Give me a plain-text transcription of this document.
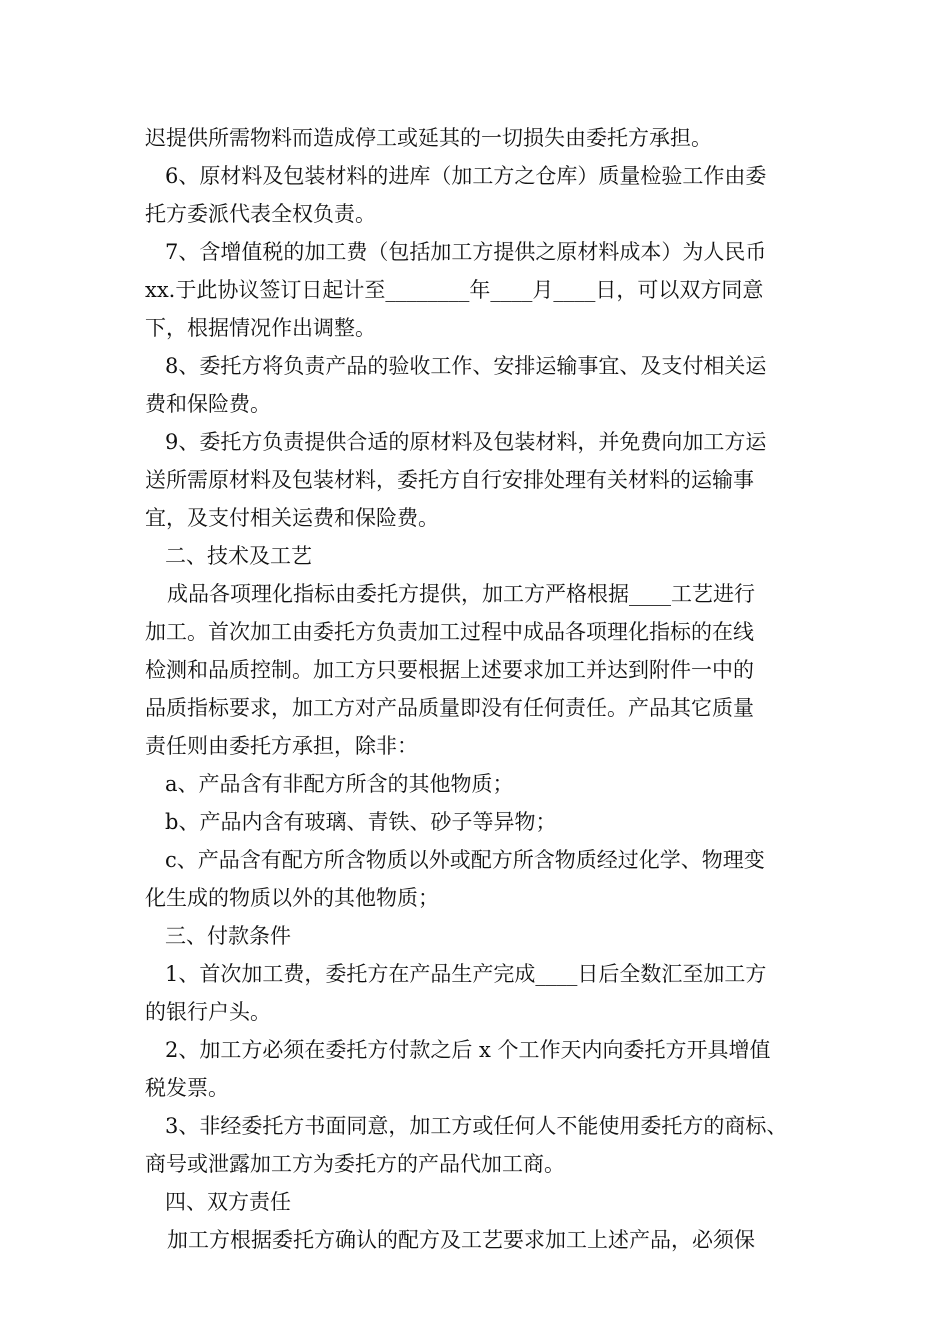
迟提供所需物料而造成停工或延其的一切损失由委托方承担。
6、原材料及包装材料的进库（加工方之仓库）质量检验工作由委
托方委派代表全权负责。
7、含增值税的加工费（包括加工方提供之原材料成本）为人民币
xx.于此协议签订日起计至________年____月____日，可以双方同意
下，根据情况作出调整。
8、委托方将负责产品的验收工作、安排运输事宜、及支付相关运
费和保险费。
9、委托方负责提供合适的原材料及包装材料，并免费向加工方运
送所需原材料及包装材料，委托方自行安排处理有关材料的运输事
宜，及支付相关运费和保险费。
二、技术及工艺
成品各项理化指标由委托方提供，加工方严格根据____工艺进行
加工。首次加工由委托方负责加工过程中成品各项理化指标的在线
检测和品质控制。加工方只要根据上述要求加工并达到附件一中的
品质指标要求，加工方对产品质量即没有任何责任。产品其它质量
责任则由委托方承担，除非：
a、产品含有非配方所含的其他物质；
b、产品内含有玻璃、青铁、砂子等异物；
c、产品含有配方所含物质以外或配方所含物质经过化学、物理变
化生成的物质以外的其他物质；
三、付款条件
1、首次加工费，委托方在产品生产完成____日后全数汇至加工方
的银行户头。
2、加工方必须在委托方付款之后 x 个工作天内向委托方开具增值
税发票。
3、非经委托方书面同意，加工方或任何人不能使用委托方的商标、
商号或泄露加工方为委托方的产品代加工商。
四、双方责任
加工方根据委托方确认的配方及工艺要求加工上述产品，必须保
